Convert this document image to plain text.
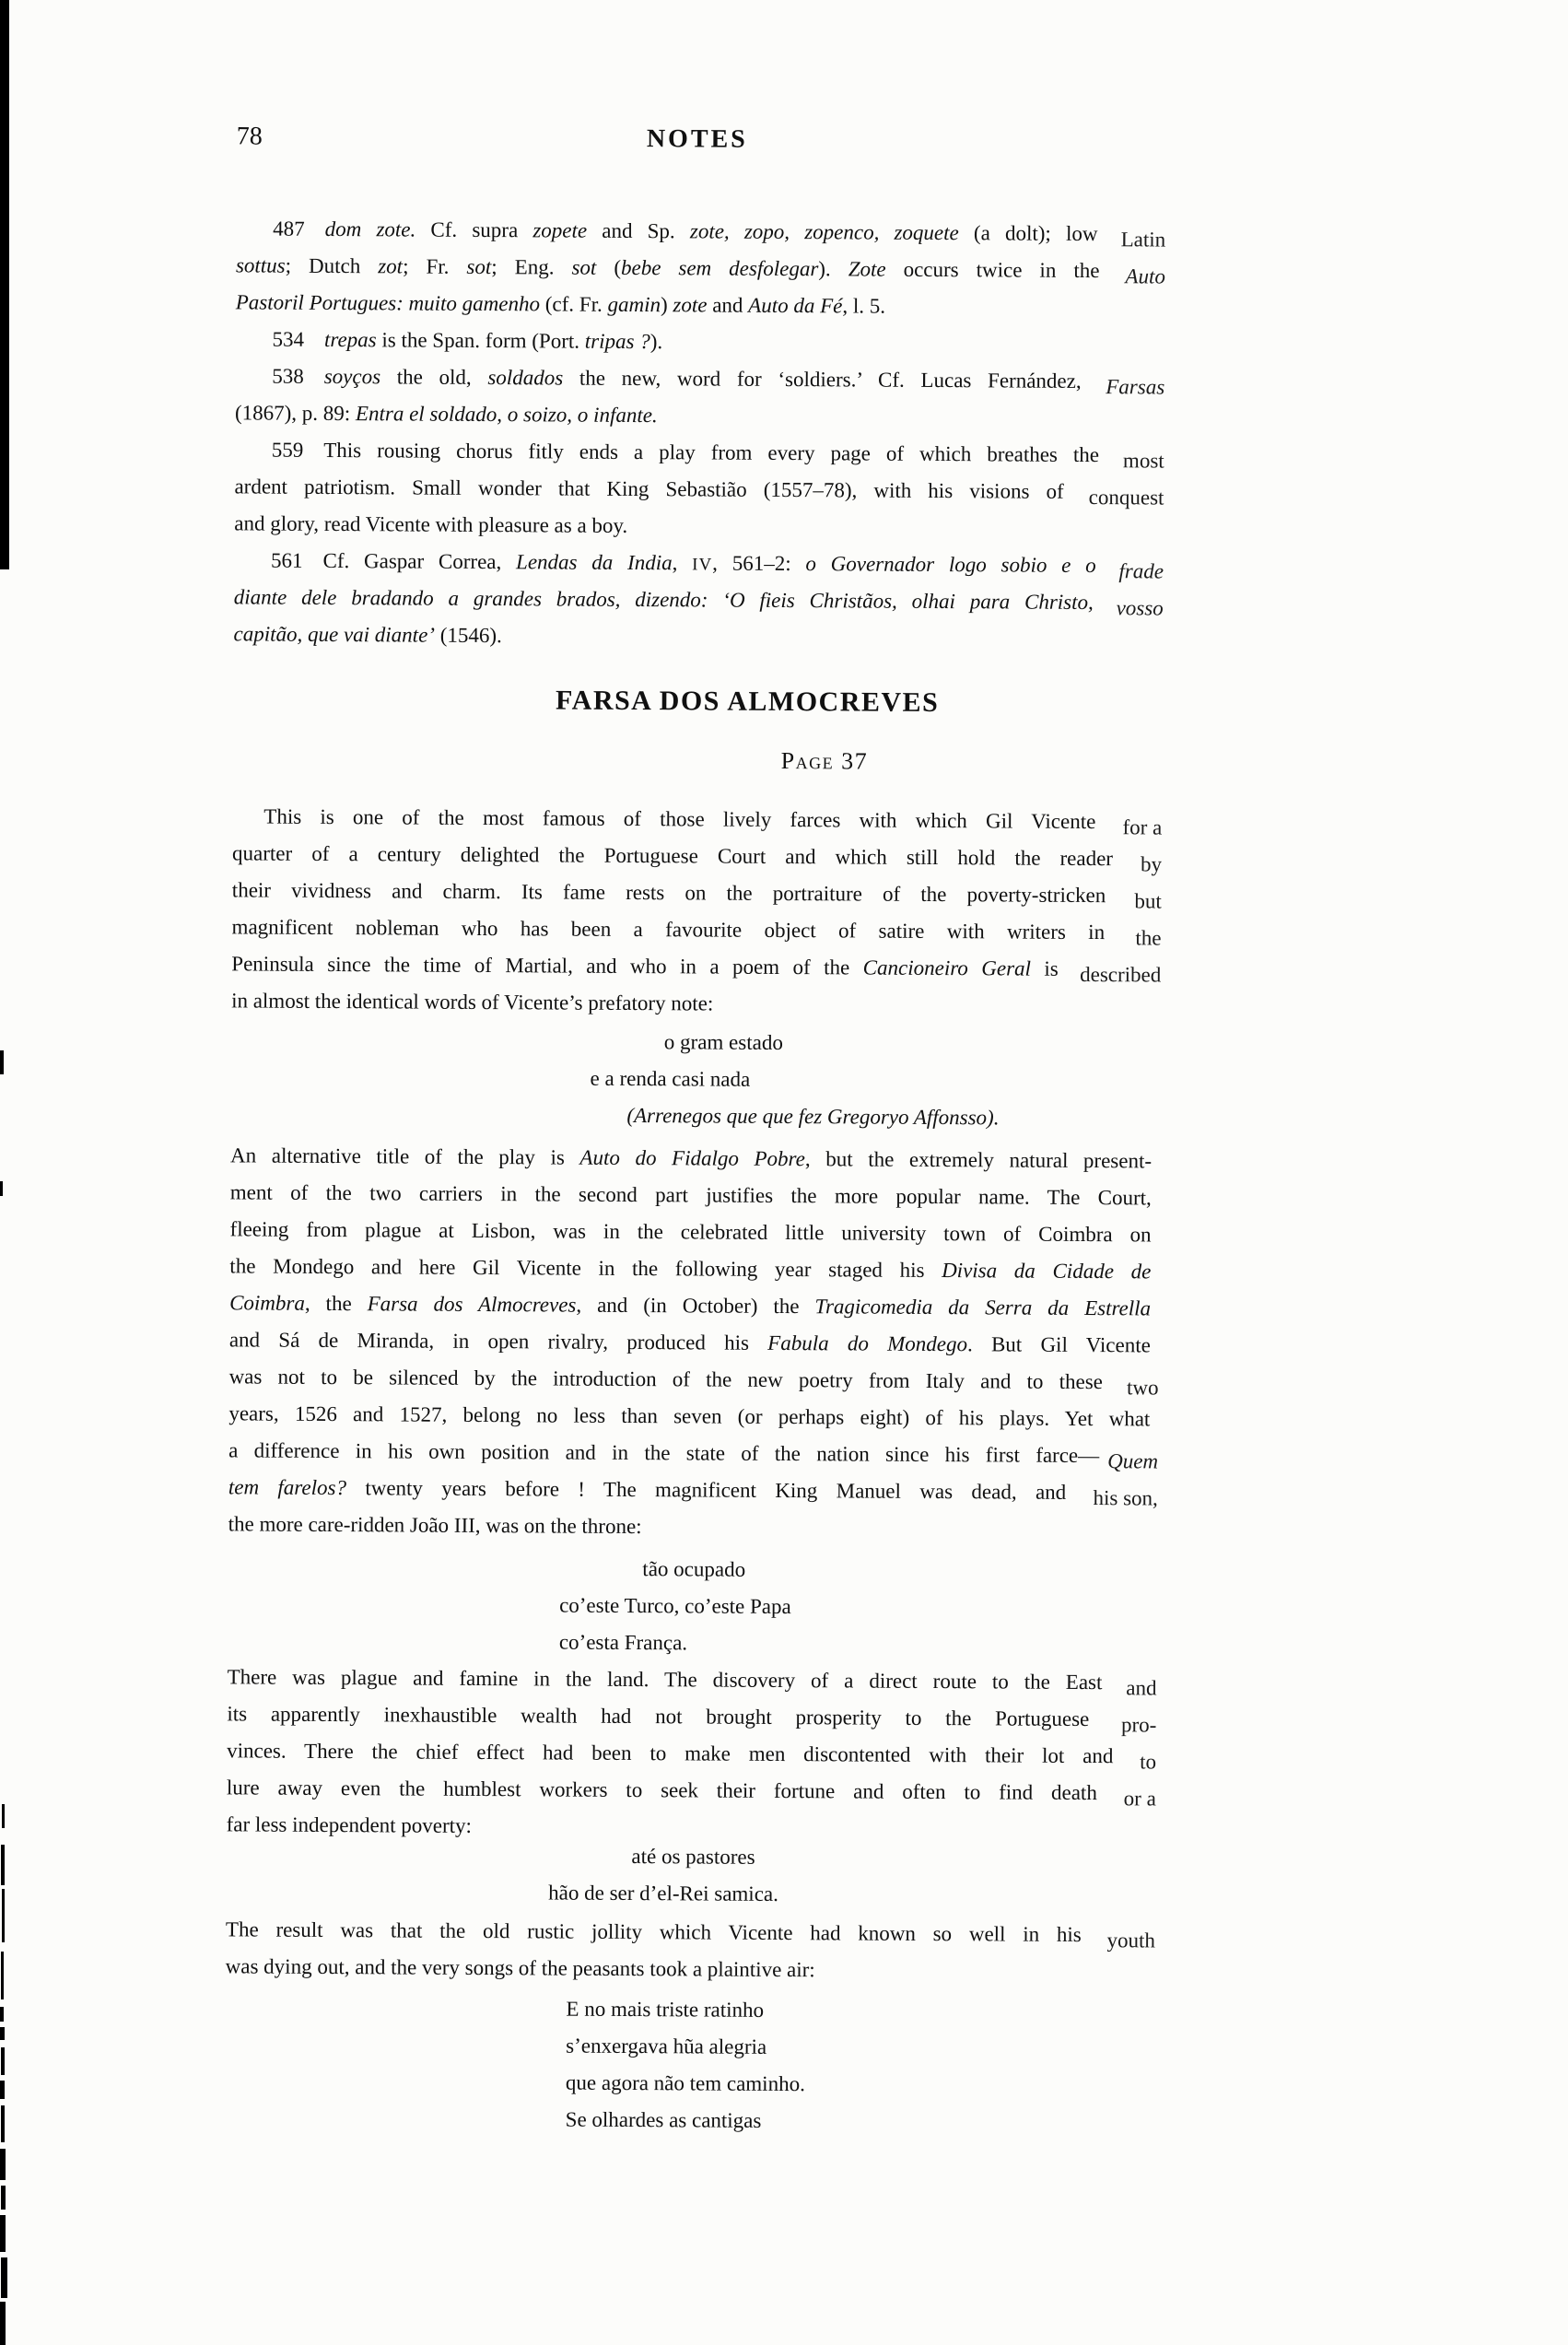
78	NOTES
487 dom zote. Cf. supra zopete and Sp. zote, zopo, zopenco, zoquete (a dolt); low Latin
sottus; Dutch zot; Fr. sot; Eng. sot (bebe sem desfolegar). Zote occurs twice in the Auto
Pastoril Portugues: muito gamenho (cf. Fr. gamin) zote and Auto da Fé, l. 5.
534 trepas is the Span. form (Port. tripas ?).
538 soyços the old, soldados the new, word for ‘soldiers.’ Cf. Lucas Fernández, Farsas
(1867), p. 89: Entra el soldado, o soizo, o infante.
559 This rousing chorus fitly ends a play from every page of which breathes the most
ardent patriotism. Small wonder that King Sebastião (1557–78), with his visions of conquest
and glory, read Vicente with pleasure as a boy.
561 Cf. Gaspar Correa, Lendas da India, IV, 561–2: o Governador logo sobio e o frade
diante dele bradando a grandes brados, dizendo: ‘O fieis Christãos, olhai para Christo, vosso
capitão, que vai diante’ (1546).
FARSA DOS ALMOCREVES
Page 37
This is one of the most famous of those lively farces with which Gil Vicente for a
quarter of a century delighted the Portuguese Court and which still hold the reader by
their vividness and charm. Its fame rests on the portraiture of the poverty-stricken but
magnificent nobleman who has been a favourite object of satire with writers in the
Peninsula since the time of Martial, and who in a poem of the Cancioneiro Geral is described
in almost the identical words of Vicente’s prefatory note:
o gram estado
e a renda casi nada
(Arrenegos que que fez Gregoryo Affonsso).
An alternative title of the play is Auto do Fidalgo Pobre, but the extremely natural present-
ment of the two carriers in the second part justifies the more popular name. The Court,
fleeing from plague at Lisbon, was in the celebrated little university town of Coimbra on
the Mondego and here Gil Vicente in the following year staged his Divisa da Cidade de
Coimbra, the Farsa dos Almocreves, and (in October) the Tragicomedia da Serra da Estrella
and Sá de Miranda, in open rivalry, produced his Fabula do Mondego. But Gil Vicente
was not to be silenced by the introduction of the new poetry from Italy and to these two
years, 1526 and 1527, belong no less than seven (or perhaps eight) of his plays. Yet what
a difference in his own position and in the state of the nation since his first farce— Quem
tem farelos? twenty years before ! The magnificent King Manuel was dead, and his son,
the more care-ridden João III, was on the throne:
tão ocupado
co’este Turco, co’este Papa
co’esta França.
There was plague and famine in the land. The discovery of a direct route to the East and
its apparently inexhaustible wealth had not brought prosperity to the Portuguese pro-
vinces. There the chief effect had been to make men discontented with their lot and to
lure away even the humblest workers to seek their fortune and often to find death or a
far less independent poverty:
até os pastores
hão de ser d’el-Rei samica.
The result was that the old rustic jollity which Vicente had known so well in his youth
was dying out, and the very songs of the peasants took a plaintive air:
E no mais triste ratinho
s’enxergava hũa alegria
que agora não tem caminho.
Se olhardes as cantigas
